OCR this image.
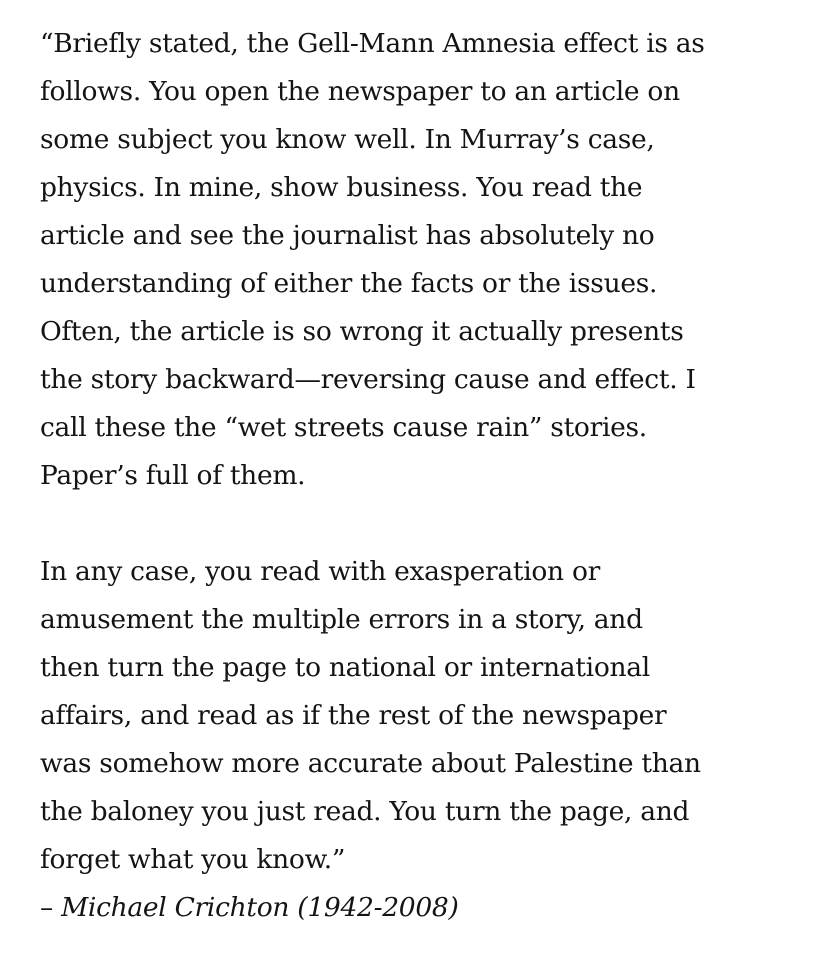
“Briefly stated, the Gell-Mann Amnesia effect is as
follows. You open the newspaper to an article on
some subject you know well. In Murray’s case,
physics. In mine, show business. You read the
article and see the journalist has absolutely no
understanding of either the facts or the issues.
Often, the article is so wrong it actually presents
the story backward—reversing cause and effect. I
call these the “wet streets cause rain” stories.
Paper’s full of them.

In any case, you read with exasperation or
amusement the multiple errors in a story, and
then turn the page to national or international
affairs, and read as if the rest of the newspaper
was somehow more accurate about Palestine than
the baloney you just read. You turn the page, and
forget what you know.”

– Michael Crichton (1942-2008)
